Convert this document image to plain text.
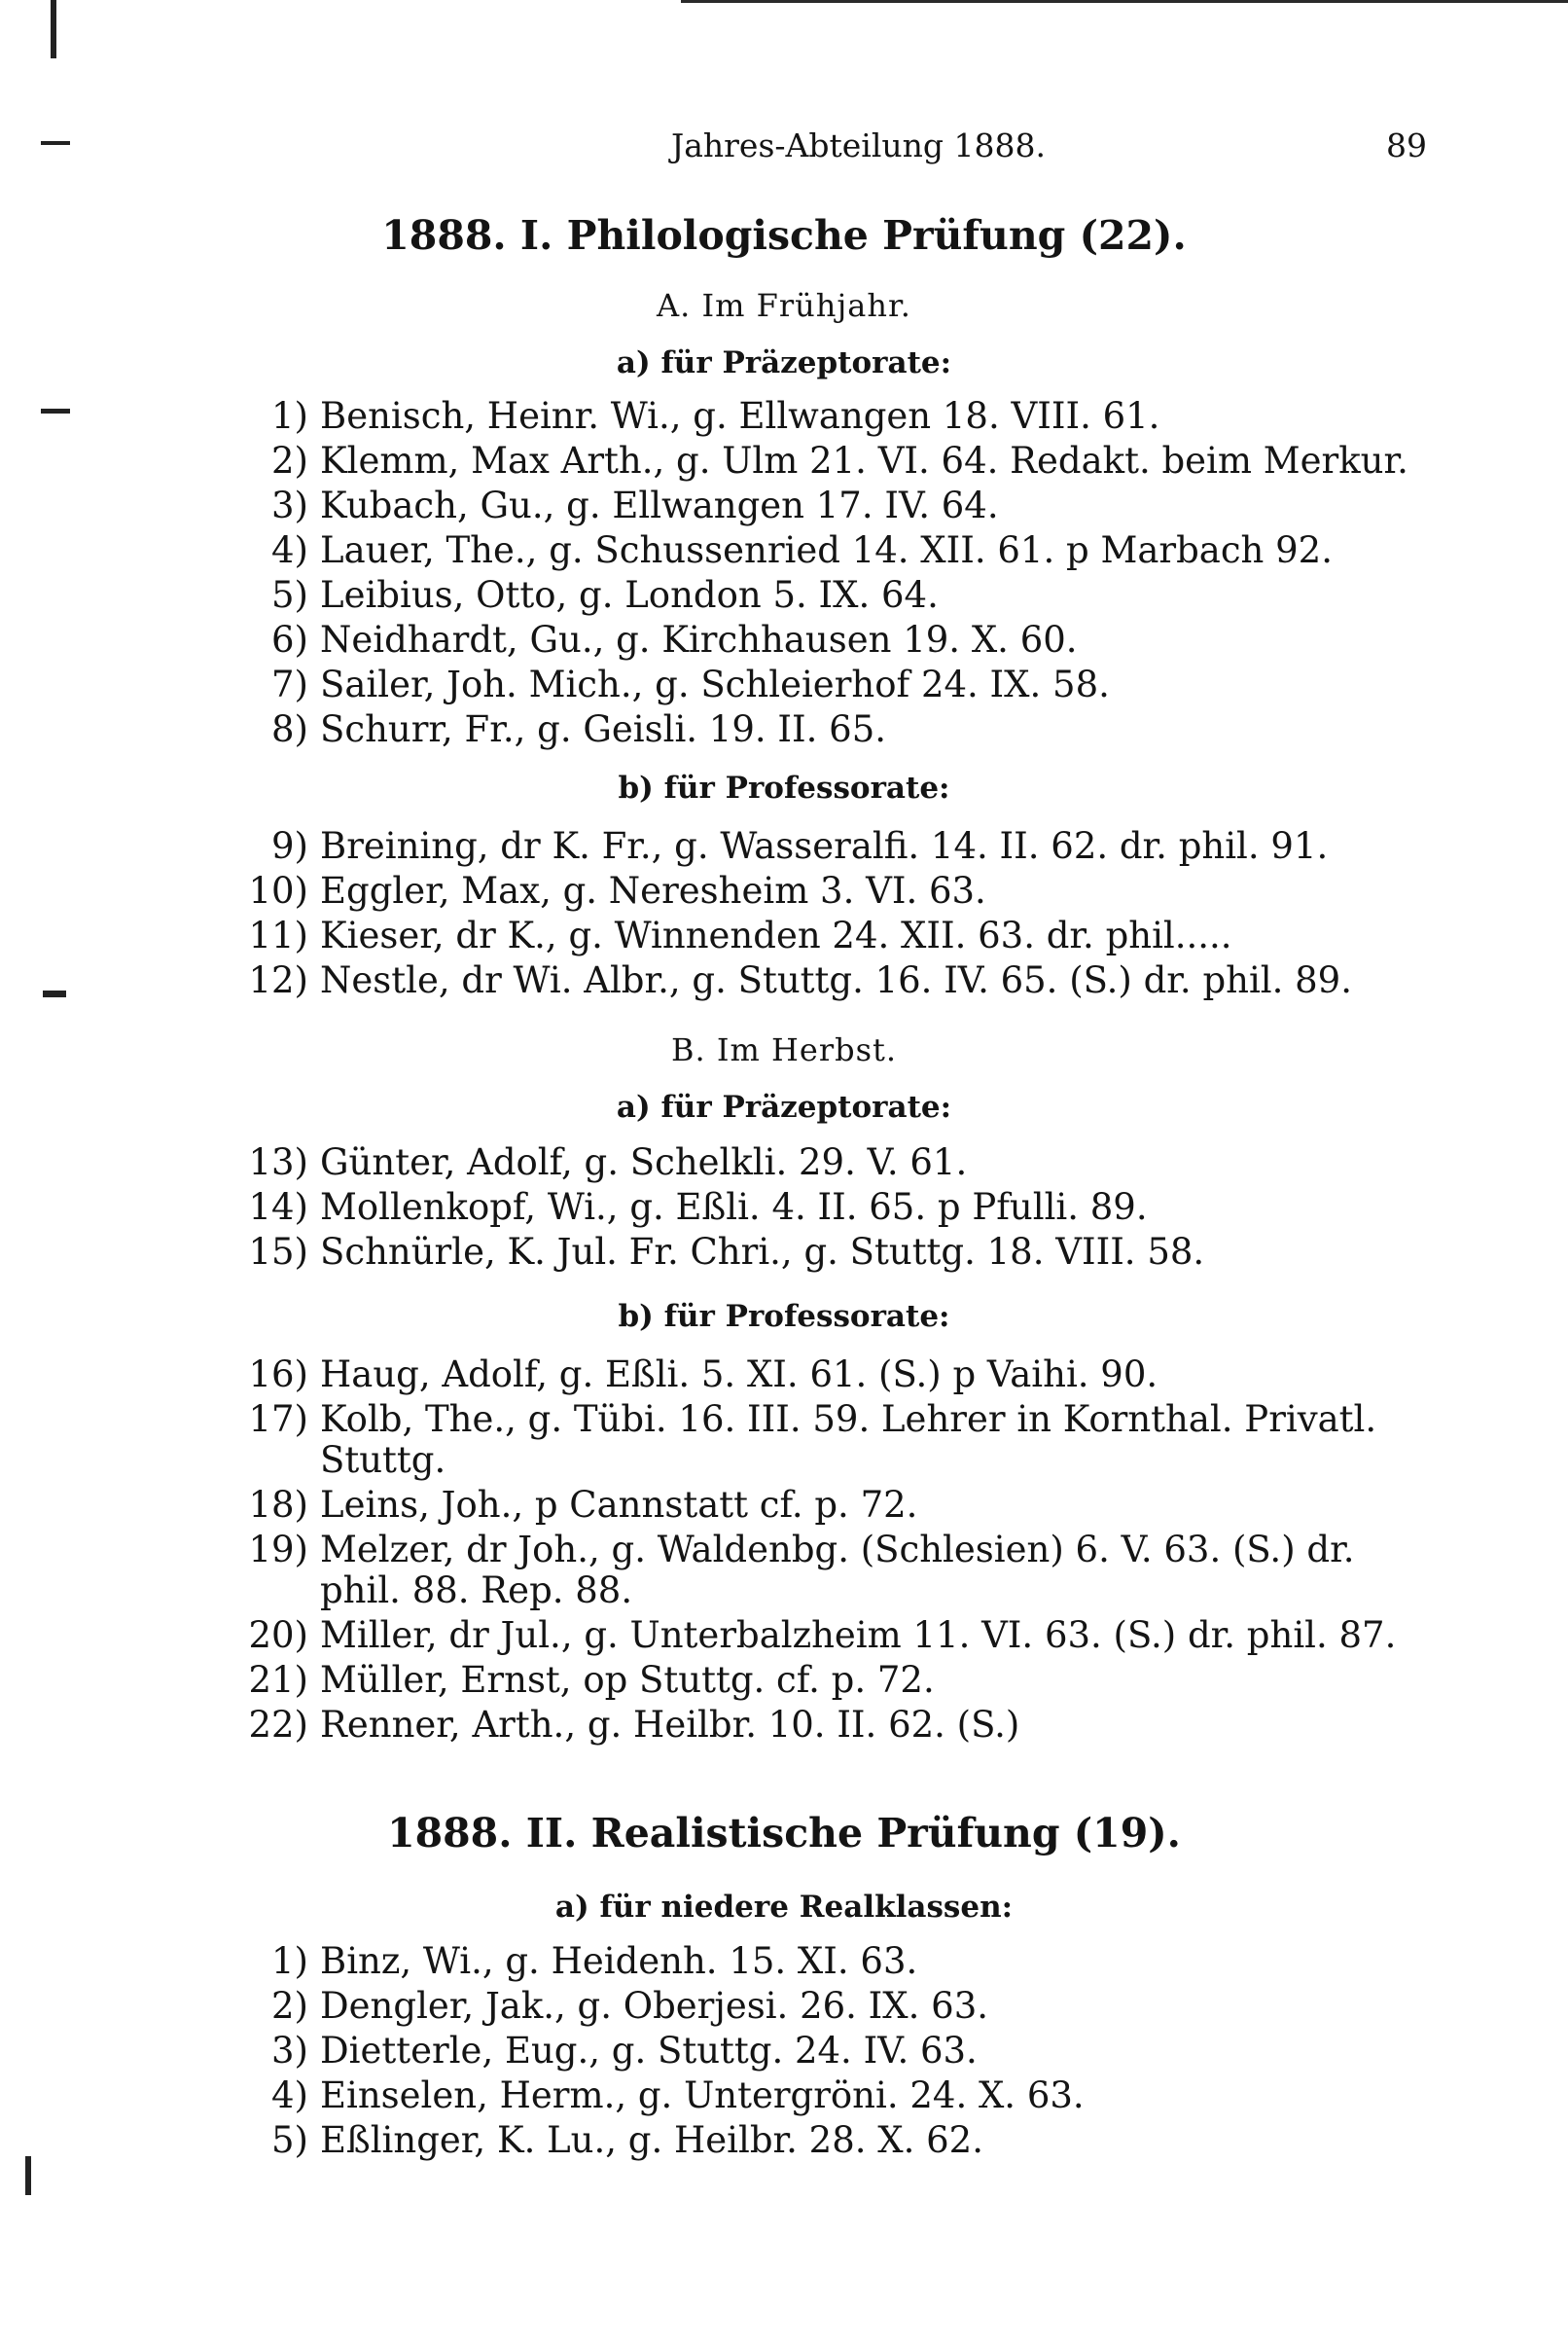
Jahres-Abteilung 1888.	89
1888. I. Philologische Prüfung (22).
A. Im Frühjahr.
a) für Präzeptorate:
1) Benisch, Heinr. Wi., g. Ellwangen 18. VIII. 61.
2) Klemm, Max Arth., g. Ulm 21. VI. 64. Redakt. beim Merkur.
3) Kubach, Gu., g. Ellwangen 17. IV. 64.
4) Lauer, The., g. Schussenried 14. XII. 61. p Marbach 92.
5) Leibius, Otto, g. London 5. IX. 64.
6) Neidhardt, Gu., g. Kirchhausen 19. X. 60.
7) Sailer, Joh. Mich., g. Schleierhof 24. IX. 58.
8) Schurr, Fr., g. Geisli. 19. II. 65.
b) für Professorate:
9) Breining, dr K. Fr., g. Wasseralfi. 14. II. 62. dr. phil. 91.
10) Eggler, Max, g. Neresheim 3. VI. 63.
11) Kieser, dr K., g. Winnenden 24. XII. 63. dr. phil.....
12) Nestle, dr Wi. Albr., g. Stuttg. 16. IV. 65. (S.) dr. phil. 89.
B. Im Herbst.
a) für Präzeptorate:
13) Günter, Adolf, g. Schelkli. 29. V. 61.
14) Mollenkopf, Wi., g. Eßli. 4. II. 65. p Pfulli. 89.
15) Schnürle, K. Jul. Fr. Chri., g. Stuttg. 18. VIII. 58.
b) für Professorate:
16) Haug, Adolf, g. Eßli. 5. XI. 61. (S.) p Vaihi. 90.
17) Kolb, The., g. Tübi. 16. III. 59. Lehrer in Kornthal. Privatl.
Stuttg.
18) Leins, Joh., p Cannstatt cf. p. 72.
19) Melzer, dr Joh., g. Waldenbg. (Schlesien) 6. V. 63. (S.) dr.
phil. 88. Rep. 88.
20) Miller, dr Jul., g. Unterbalzheim 11. VI. 63. (S.) dr. phil. 87.
21) Müller, Ernst, op Stuttg. cf. p. 72.
22) Renner, Arth., g. Heilbr. 10. II. 62. (S.)
1888. II. Realistische Prüfung (19).
a) für niedere Realklassen:
1) Binz, Wi., g. Heidenh. 15. XI. 63.
2) Dengler, Jak., g. Oberjesi. 26. IX. 63.
3) Dietterle, Eug., g. Stuttg. 24. IV. 63.
4) Einselen, Herm., g. Untergröni. 24. X. 63.
5) Eßlinger, K. Lu., g. Heilbr. 28. X. 62.
